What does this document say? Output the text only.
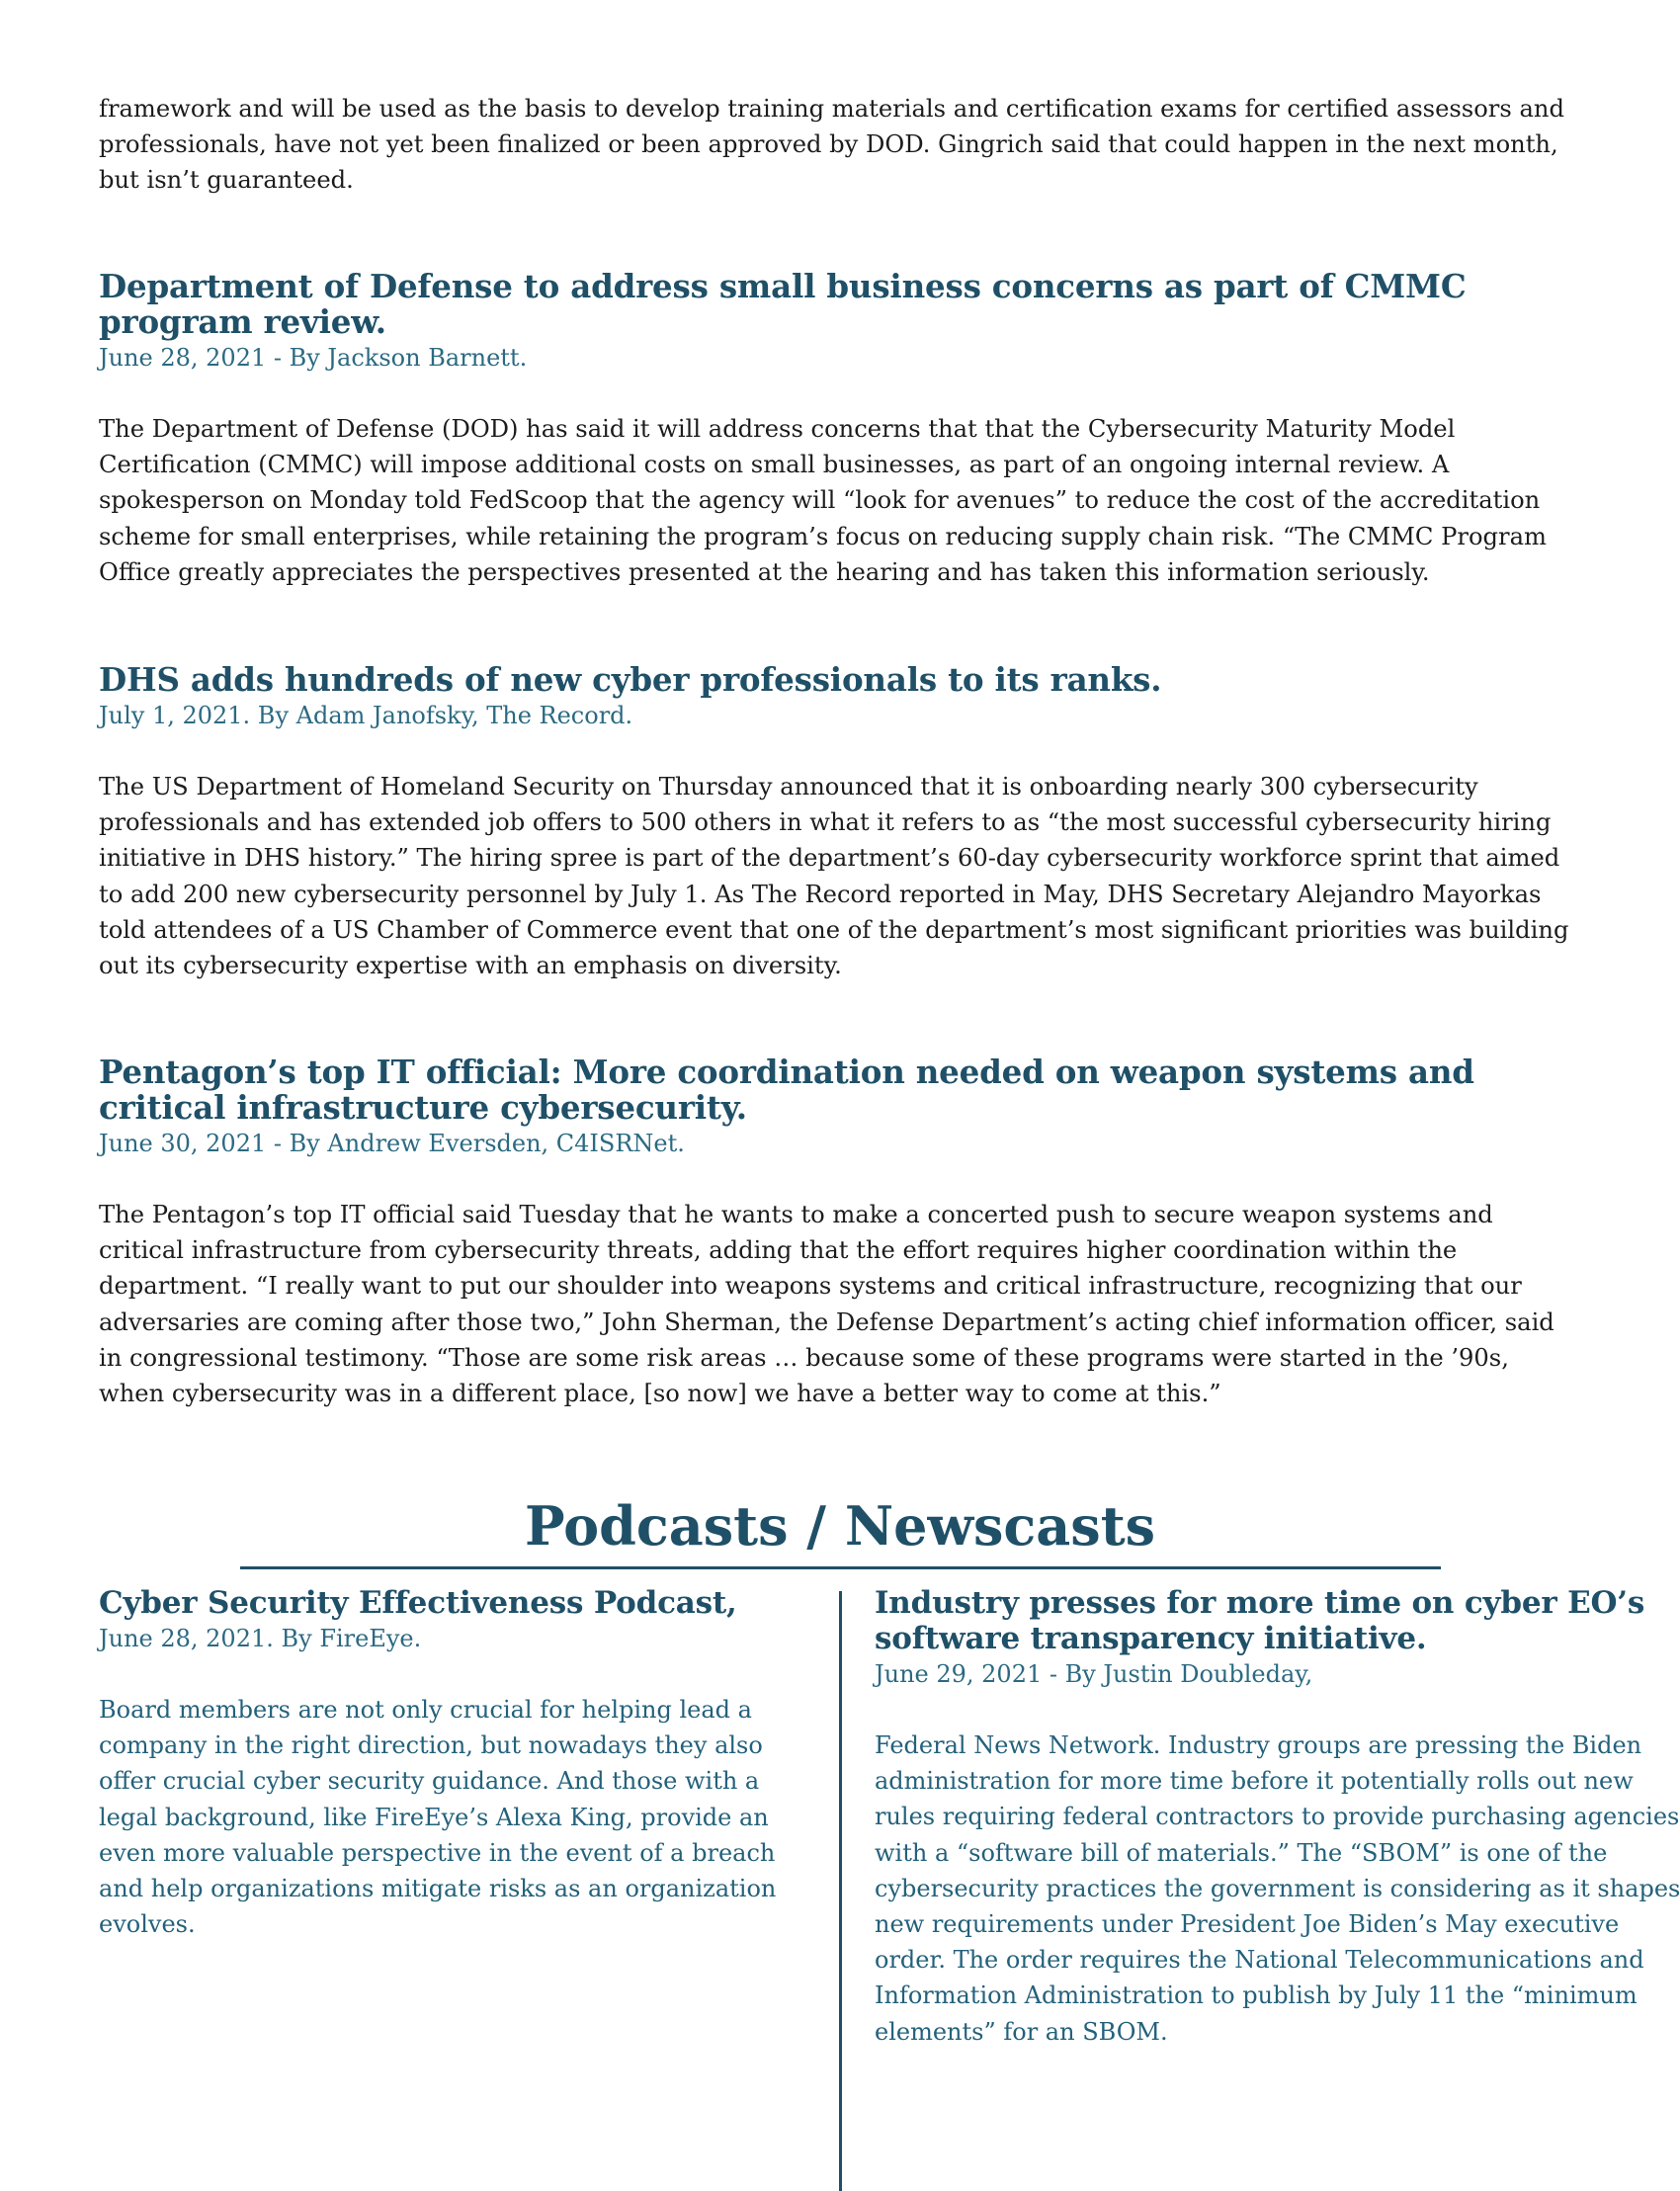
framework and will be used as the basis to develop training materials and certification exams for certified assessors and professionals, have not yet been finalized or been approved by DOD. Gingrich said that could happen in the next month, but isn’t guaranteed.

Department of Defense to address small business concerns as part of CMMC program review.

June 28, 2021 - By Jackson Barnett.

The Department of Defense (DOD) has said it will address concerns that that the Cybersecurity Maturity Model Certification (CMMC) will impose additional costs on small businesses, as part of an ongoing internal review. A spokesperson on Monday told FedScoop that the agency will “look for avenues” to reduce the cost of the accreditation scheme for small enterprises, while retaining the program’s focus on reducing supply chain risk. “The CMMC Program Office greatly appreciates the perspectives presented at the hearing and has taken this information seriously.

DHS adds hundreds of new cyber professionals to its ranks.

July 1, 2021. By Adam Janofsky, The Record.

The US Department of Homeland Security on Thursday announced that it is onboarding nearly 300 cybersecurity professionals and has extended job offers to 500 others in what it refers to as “the most successful cybersecurity hiring initiative in DHS history.” The hiring spree is part of the department’s 60-day cybersecurity workforce sprint that aimed to add 200 new cybersecurity personnel by July 1. As The Record reported in May, DHS Secretary Alejandro Mayorkas told attendees of a US Chamber of Commerce event that one of the department’s most significant priorities was building out its cybersecurity expertise with an emphasis on diversity.

Pentagon’s top IT official: More coordination needed on weapon systems and critical infrastructure cybersecurity.

June 30, 2021 - By Andrew Eversden, C4ISRNet.

The Pentagon’s top IT official said Tuesday that he wants to make a concerted push to secure weapon systems and critical infrastructure from cybersecurity threats, adding that the effort requires higher coordination within the department. “I really want to put our shoulder into weapons systems and critical infrastructure, recognizing that our adversaries are coming after those two,” John Sherman, the Defense Department’s acting chief information officer, said in congressional testimony. “Those are some risk areas … because some of these programs were started in the ’90s, when cybersecurity was in a different place, [so now] we have a better way to come at this.”

Podcasts / Newscasts
Cyber Security Effectiveness Podcast,

June 28, 2021. By FireEye.

Board members are not only crucial for helping lead a company in the right direction, but nowadays they also offer crucial cyber security guidance. And those with a legal background, like FireEye’s Alexa King, provide an even more valuable perspective in the event of a breach and help organizations mitigate risks as an organization evolves.

Industry presses for more time on cyber EO’s software transparency initiative.

June 29, 2021 - By Justin Doubleday,

Federal News Network. Industry groups are pressing the Biden administration for more time before it potentially rolls out new rules requiring federal contractors to provide purchasing agencies with a “software bill of materials.” The “SBOM” is one of the cybersecurity practices the government is considering as it shapes new requirements under President Joe Biden’s May executive order. The order requires the National Telecommunications and Information Administration to publish by July 11 the “minimum elements” for an SBOM.
